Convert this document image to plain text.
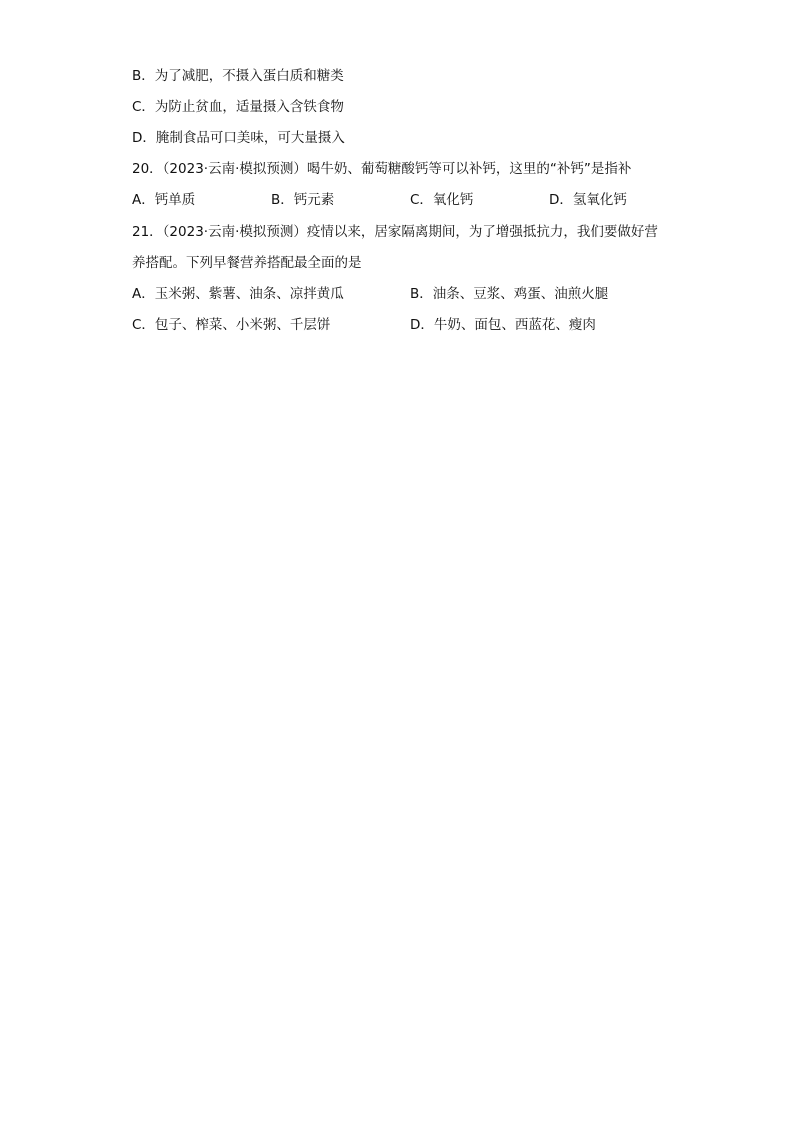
B．为了减肥，不摄入蛋白质和糖类
C．为防止贫血，适量摄入含铁食物
D．腌制食品可口美味，可大量摄入
20．（2023·云南·模拟预测）喝牛奶、葡萄糖酸钙等可以补钙，这里的“补钙”是指补
A．钙单质	B．钙元素	C．氧化钙	D．氢氧化钙
21．（2023·云南·模拟预测）疫情以来，居家隔离期间，为了增强抵抗力，我们要做好营
养搭配。下列早餐营养搭配最全面的是
A．玉米粥、紫薯、油条、凉拌黄瓜	B．油条、豆浆、鸡蛋、油煎火腿
C．包子、榨菜、小米粥、千层饼	D．牛奶、面包、西蓝花、瘦肉
